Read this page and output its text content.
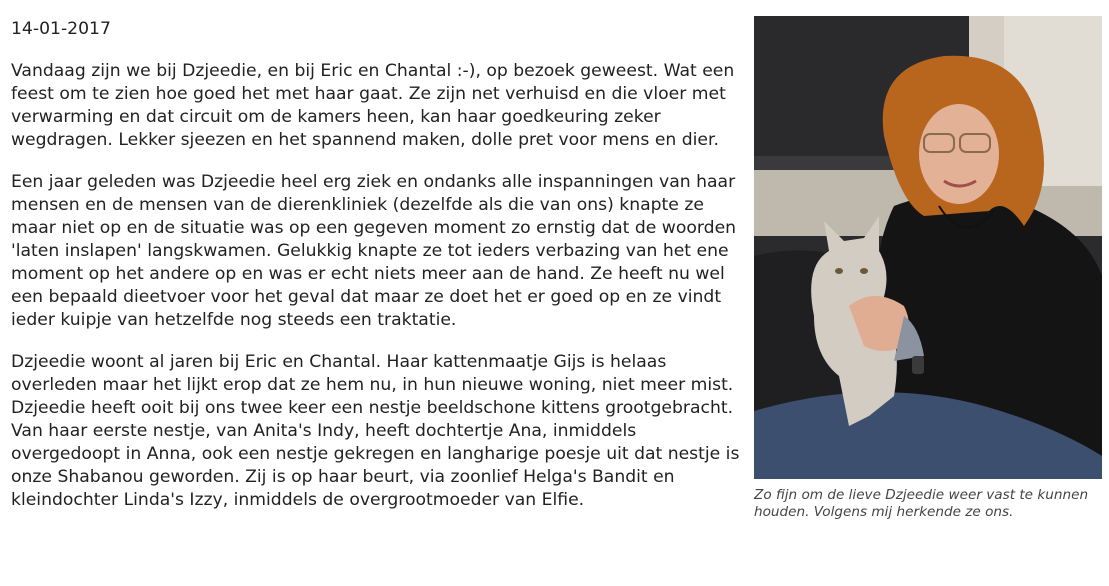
14-01-2017

Vandaag zijn we bij Dzjeedie, en bij Eric en Chantal :-), op bezoek geweest. Wat een feest om te zien hoe goed het met haar gaat. Ze zijn net verhuisd en die vloer met verwarming en dat circuit om de kamers heen, kan haar goedkeuring zeker wegdragen. Lekker sjeezen en het spannend maken, dolle pret voor mens en dier.

Een jaar geleden was Dzjeedie heel erg ziek en ondanks alle inspanningen van haar mensen en de mensen van de dierenkliniek (dezelfde als die van ons) knapte ze maar niet op en de situatie was op een gegeven moment zo ernstig dat de woorden 'laten inslapen' langskwamen. Gelukkig knapte ze tot ieders verbazing van het ene moment op het andere op en was er echt niets meer aan de hand. Ze heeft nu wel een bepaald dieetvoer voor het geval dat maar ze doet het er goed op en ze vindt ieder kuipje van hetzelfde nog steeds een traktatie.

Dzjeedie woont al jaren bij Eric en Chantal. Haar kattenmaatje Gijs is helaas overleden maar het lijkt erop dat ze hem nu, in hun nieuwe woning, niet meer mist. Dzjeedie heeft ooit bij ons twee keer een nestje beeldschone kittens grootgebracht. Van haar eerste nestje, van Anita's Indy, heeft dochtertje Ana, inmiddels overgedoopt in Anna, ook een nestje gekregen en langharige poesje uit dat nestje is onze Shabanou geworden. Zij is op haar beurt, via zoonlief Helga's Bandit en kleindochter Linda's Izzy, inmiddels de overgrootmoeder van Elfie.	Zo fijn om de lieve Dzjeedie weer vast te kunnen houden. Volgens mij herkende ze ons.
